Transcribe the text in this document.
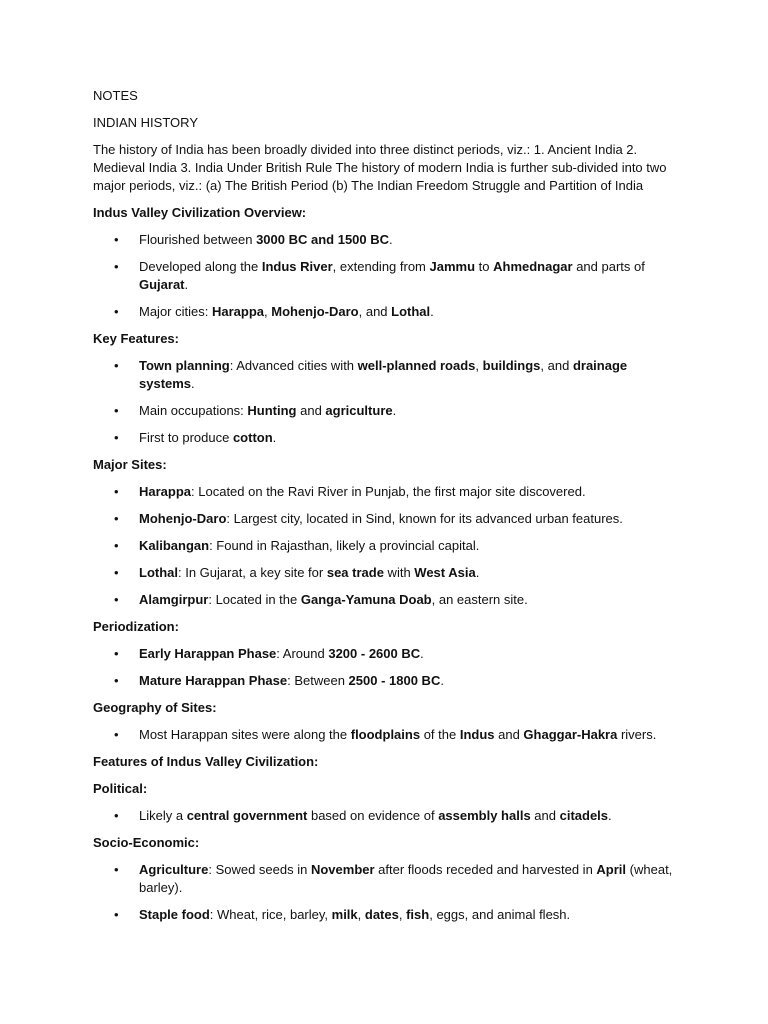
NOTES

INDIAN HISTORY

The history of India has been broadly divided into three distinct periods, viz.: 1. Ancient India 2. Medieval India 3. India Under British Rule The history of modern India is further sub-divided into two major periods, viz.: (a) The British Period (b) The Indian Freedom Struggle and Partition of India

Indus Valley Civilization Overview:

• Flourished between 3000 BC and 1500 BC.
• Developed along the Indus River, extending from Jammu to Ahmednagar and parts of Gujarat.
• Major cities: Harappa, Mohenjo-Daro, and Lothal.

Key Features:

• Town planning: Advanced cities with well-planned roads, buildings, and drainage systems.
• Main occupations: Hunting and agriculture.
• First to produce cotton.

Major Sites:

• Harappa: Located on the Ravi River in Punjab, the first major site discovered.
• Mohenjo-Daro: Largest city, located in Sind, known for its advanced urban features.
• Kalibangan: Found in Rajasthan, likely a provincial capital.
• Lothal: In Gujarat, a key site for sea trade with West Asia.
• Alamgirpur: Located in the Ganga-Yamuna Doab, an eastern site.

Periodization:

• Early Harappan Phase: Around 3200 - 2600 BC.
• Mature Harappan Phase: Between 2500 - 1800 BC.

Geography of Sites:

• Most Harappan sites were along the floodplains of the Indus and Ghaggar-Hakra rivers.

Features of Indus Valley Civilization:

Political:

• Likely a central government based on evidence of assembly halls and citadels.

Socio-Economic:

• Agriculture: Sowed seeds in November after floods receded and harvested in April (wheat, barley).
• Staple food: Wheat, rice, barley, milk, dates, fish, eggs, and animal flesh.
